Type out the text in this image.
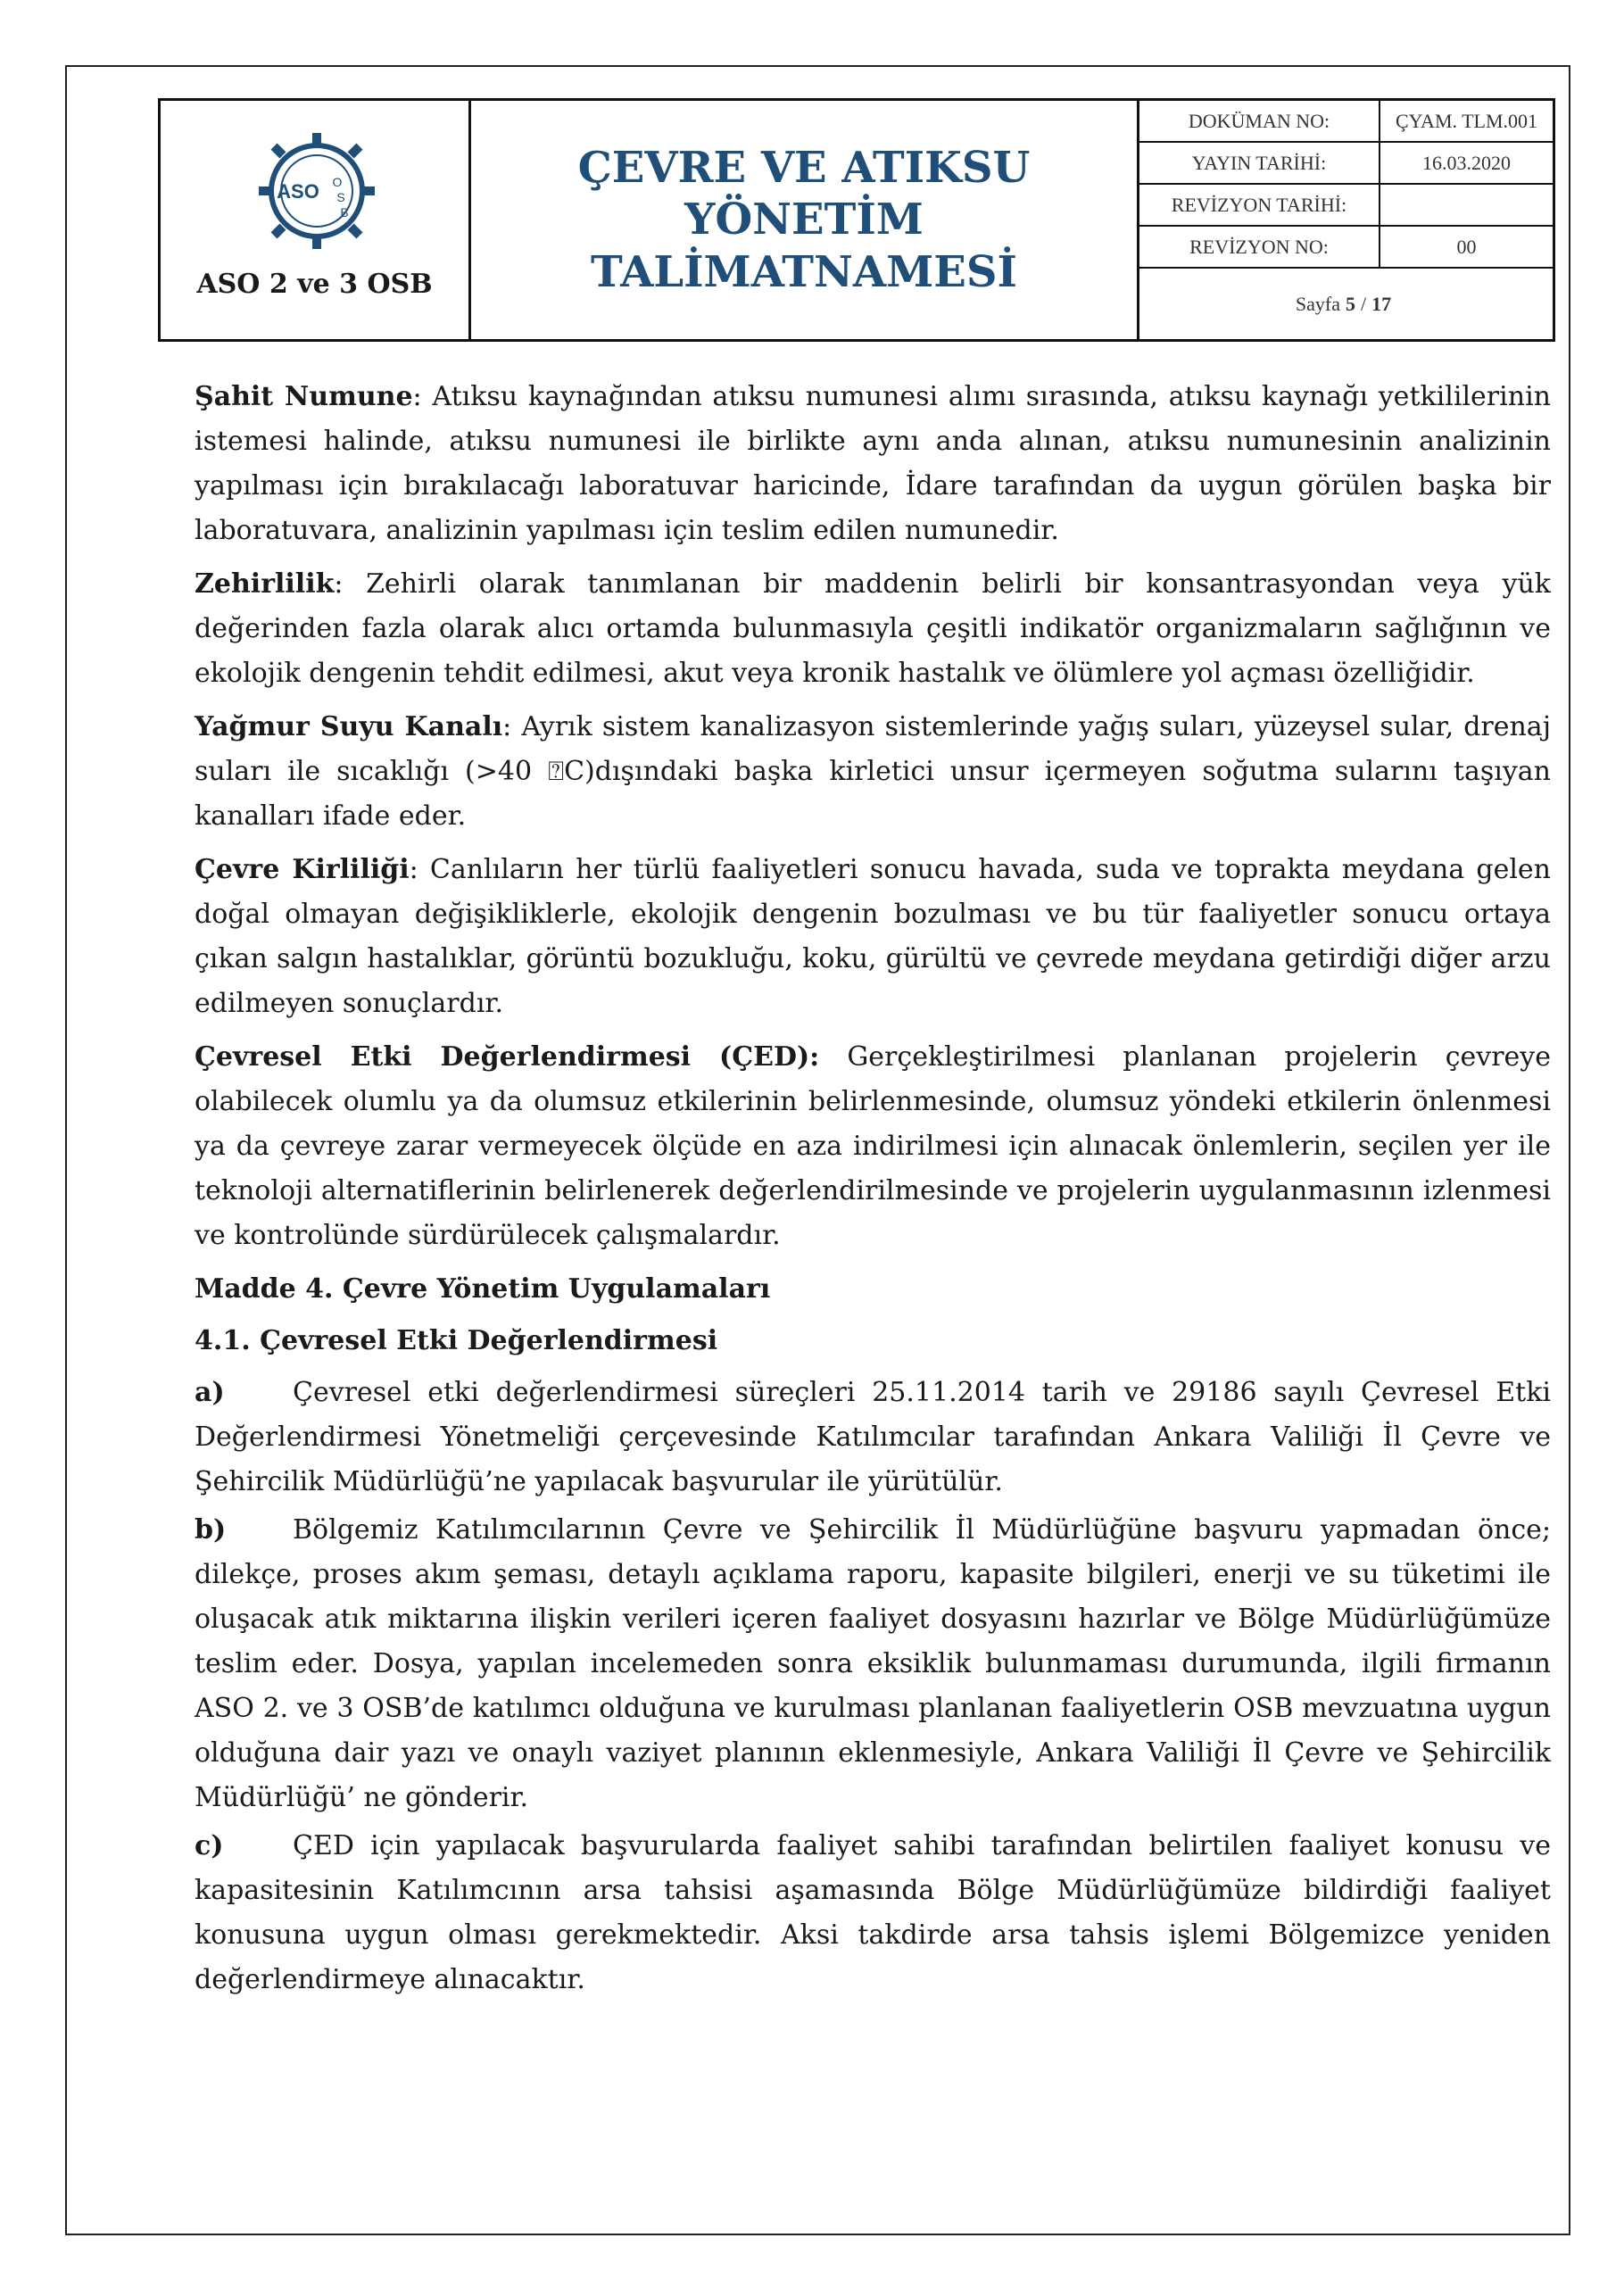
ASO O
S
B
ASO 2 ve 3 OSB
ÇEVRE VE ATIKSU YÖNETİM
TALİMATNAMESİ
DOKÜMAN NO:	ÇYAM. TLM.001
YAYIN TARİHİ:	16.03.2020
REVİZYON TARİHİ:
REVİZYON NO:	00
Sayfa 5 / 17

Şahit Numune: Atıksu kaynağından atıksu numunesi alımı sırasında, atıksu kaynağı yetkililerinin istemesi halinde, atıksu numunesi ile birlikte aynı anda alınan, atıksu numunesinin analizinin yapılması için bırakılacağı laboratuvar haricinde, İdare tarafından da uygun görülen başka bir laboratuvara, analizinin yapılması için teslim edilen numunedir.

Zehirlilik: Zehirli olarak tanımlanan bir maddenin belirli bir konsantrasyondan veya yük değerinden fazla olarak alıcı ortamda bulunmasıyla çeşitli indikatör organizmaların sağlığının ve ekolojik dengenin tehdit edilmesi, akut veya kronik hastalık ve ölümlere yol açması özelliğidir.

Yağmur Suyu Kanalı: Ayrık sistem kanalizasyon sistemlerinde yağış suları, yüzeysel sular, drenaj suları ile sıcaklığı (>40 ⍰C)dışındaki başka kirletici unsur içermeyen soğutma sularını taşıyan kanalları ifade eder.

Çevre Kirliliği: Canlıların her türlü faaliyetleri sonucu havada, suda ve toprakta meydana gelen doğal olmayan değişikliklerle, ekolojik dengenin bozulması ve bu tür faaliyetler sonucu ortaya çıkan salgın hastalıklar, görüntü bozukluğu, koku, gürültü ve çevrede meydana getirdiği diğer arzu edilmeyen sonuçlardır.

Çevresel Etki Değerlendirmesi (ÇED): Gerçekleştirilmesi planlanan projelerin çevreye olabilecek olumlu ya da olumsuz etkilerinin belirlenmesinde, olumsuz yöndeki etkilerin önlenmesi ya da çevreye zarar vermeyecek ölçüde en aza indirilmesi için alınacak önlemlerin, seçilen yer ile teknoloji alternatiflerinin belirlenerek değerlendirilmesinde ve projelerin uygulanmasının izlenmesi ve kontrolünde sürdürülecek çalışmalardır.

Madde 4. Çevre Yönetim Uygulamaları
4.1. Çevresel Etki Değerlendirmesi
a)	Çevresel etki değerlendirmesi süreçleri 25.11.2014 tarih ve 29186 sayılı Çevresel Etki Değerlendirmesi Yönetmeliği çerçevesinde Katılımcılar tarafından Ankara Valiliği İl Çevre ve Şehircilik Müdürlüğü’ne yapılacak başvurular ile yürütülür.
b) Bölgemiz Katılımcılarının Çevre ve Şehircilik İl Müdürlüğüne başvuru yapmadan önce; dilekçe, proses akım şeması, detaylı açıklama raporu, kapasite bilgileri, enerji ve su tüketimi ile oluşacak atık miktarına ilişkin verileri içeren faaliyet dosyasını hazırlar ve Bölge Müdürlüğümüze teslim eder. Dosya, yapılan incelemeden sonra eksiklik bulunmaması durumunda, ilgili firmanın ASO 2. ve 3 OSB’de katılımcı olduğuna ve kurulması planlanan faaliyetlerin OSB mevzuatına uygun olduğuna dair yazı ve onaylı vaziyet planının eklenmesiyle, Ankara Valiliği İl Çevre ve Şehircilik Müdürlüğü’ ne gönderir.
c)	ÇED için yapılacak başvurularda faaliyet sahibi tarafından belirtilen faaliyet konusu ve kapasitesinin Katılımcının arsa tahsisi aşamasında Bölge Müdürlüğümüze bildirdiği faaliyet konusuna uygun olması gerekmektedir. Aksi takdirde arsa tahsis işlemi Bölgemizce yeniden değerlendirmeye alınacaktır.
